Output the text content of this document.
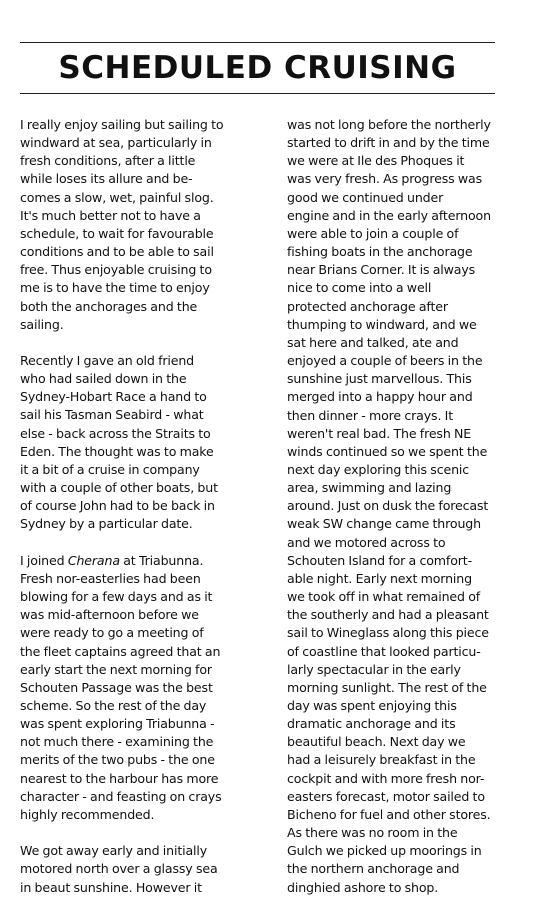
SCHEDULED CRUISING
I really enjoy sailing but sailing to
windward at sea, particularly in
fresh conditions, after a little
while loses its allure and be-
comes a slow, wet, painful slog.
It's much better not to have a
schedule, to wait for favourable
conditions and to be able to sail
free. Thus enjoyable cruising to
me is to have the time to enjoy
both the anchorages and the
sailing.
Recently I gave an old friend
who had sailed down in the
Sydney-Hobart Race a hand to
sail his Tasman Seabird - what
else - back across the Straits to
Eden. The thought was to make
it a bit of a cruise in company
with a couple of other boats, but
of course John had to be back in
Sydney by a particular date.
I joined Cherana at Triabunna.
Fresh nor-easterlies had been
blowing for a few days and as it
was mid-afternoon before we
were ready to go a meeting of
the fleet captains agreed that an
early start the next morning for
Schouten Passage was the best
scheme. So the rest of the day
was spent exploring Triabunna -
not much there - examining the
merits of the two pubs - the one
nearest to the harbour has more
character - and feasting on crays
highly recommended.
We got away early and initially
motored north over a glassy sea
in beaut sunshine. However it
was not long before the northerly
started to drift in and by the time
we were at Ile des Phoques it
was very fresh. As progress was
good we continued under
engine and in the early afternoon
were able to join a couple of
fishing boats in the anchorage
near Brians Corner. It is always
nice to come into a well
protected anchorage after
thumping to windward, and we
sat here and talked, ate and
enjoyed a couple of beers in the
sunshine just marvellous. This
merged into a happy hour and
then dinner - more crays. It
weren't real bad. The fresh NE
winds continued so we spent the
next day exploring this scenic
area, swimming and lazing
around. Just on dusk the forecast
weak SW change came through
and we motored across to
Schouten Island for a comfort-
able night. Early next morning
we took off in what remained of
the southerly and had a pleasant
sail to Wineglass along this piece
of coastline that looked particu-
larly spectacular in the early
morning sunlight. The rest of the
day was spent enjoying this
dramatic anchorage and its
beautiful beach. Next day we
had a leisurely breakfast in the
cockpit and with more fresh nor-
easters forecast, motor sailed to
Bicheno for fuel and other stores.
As there was no room in the
Gulch we picked up moorings in
the northern anchorage and
dinghied ashore to shop.
